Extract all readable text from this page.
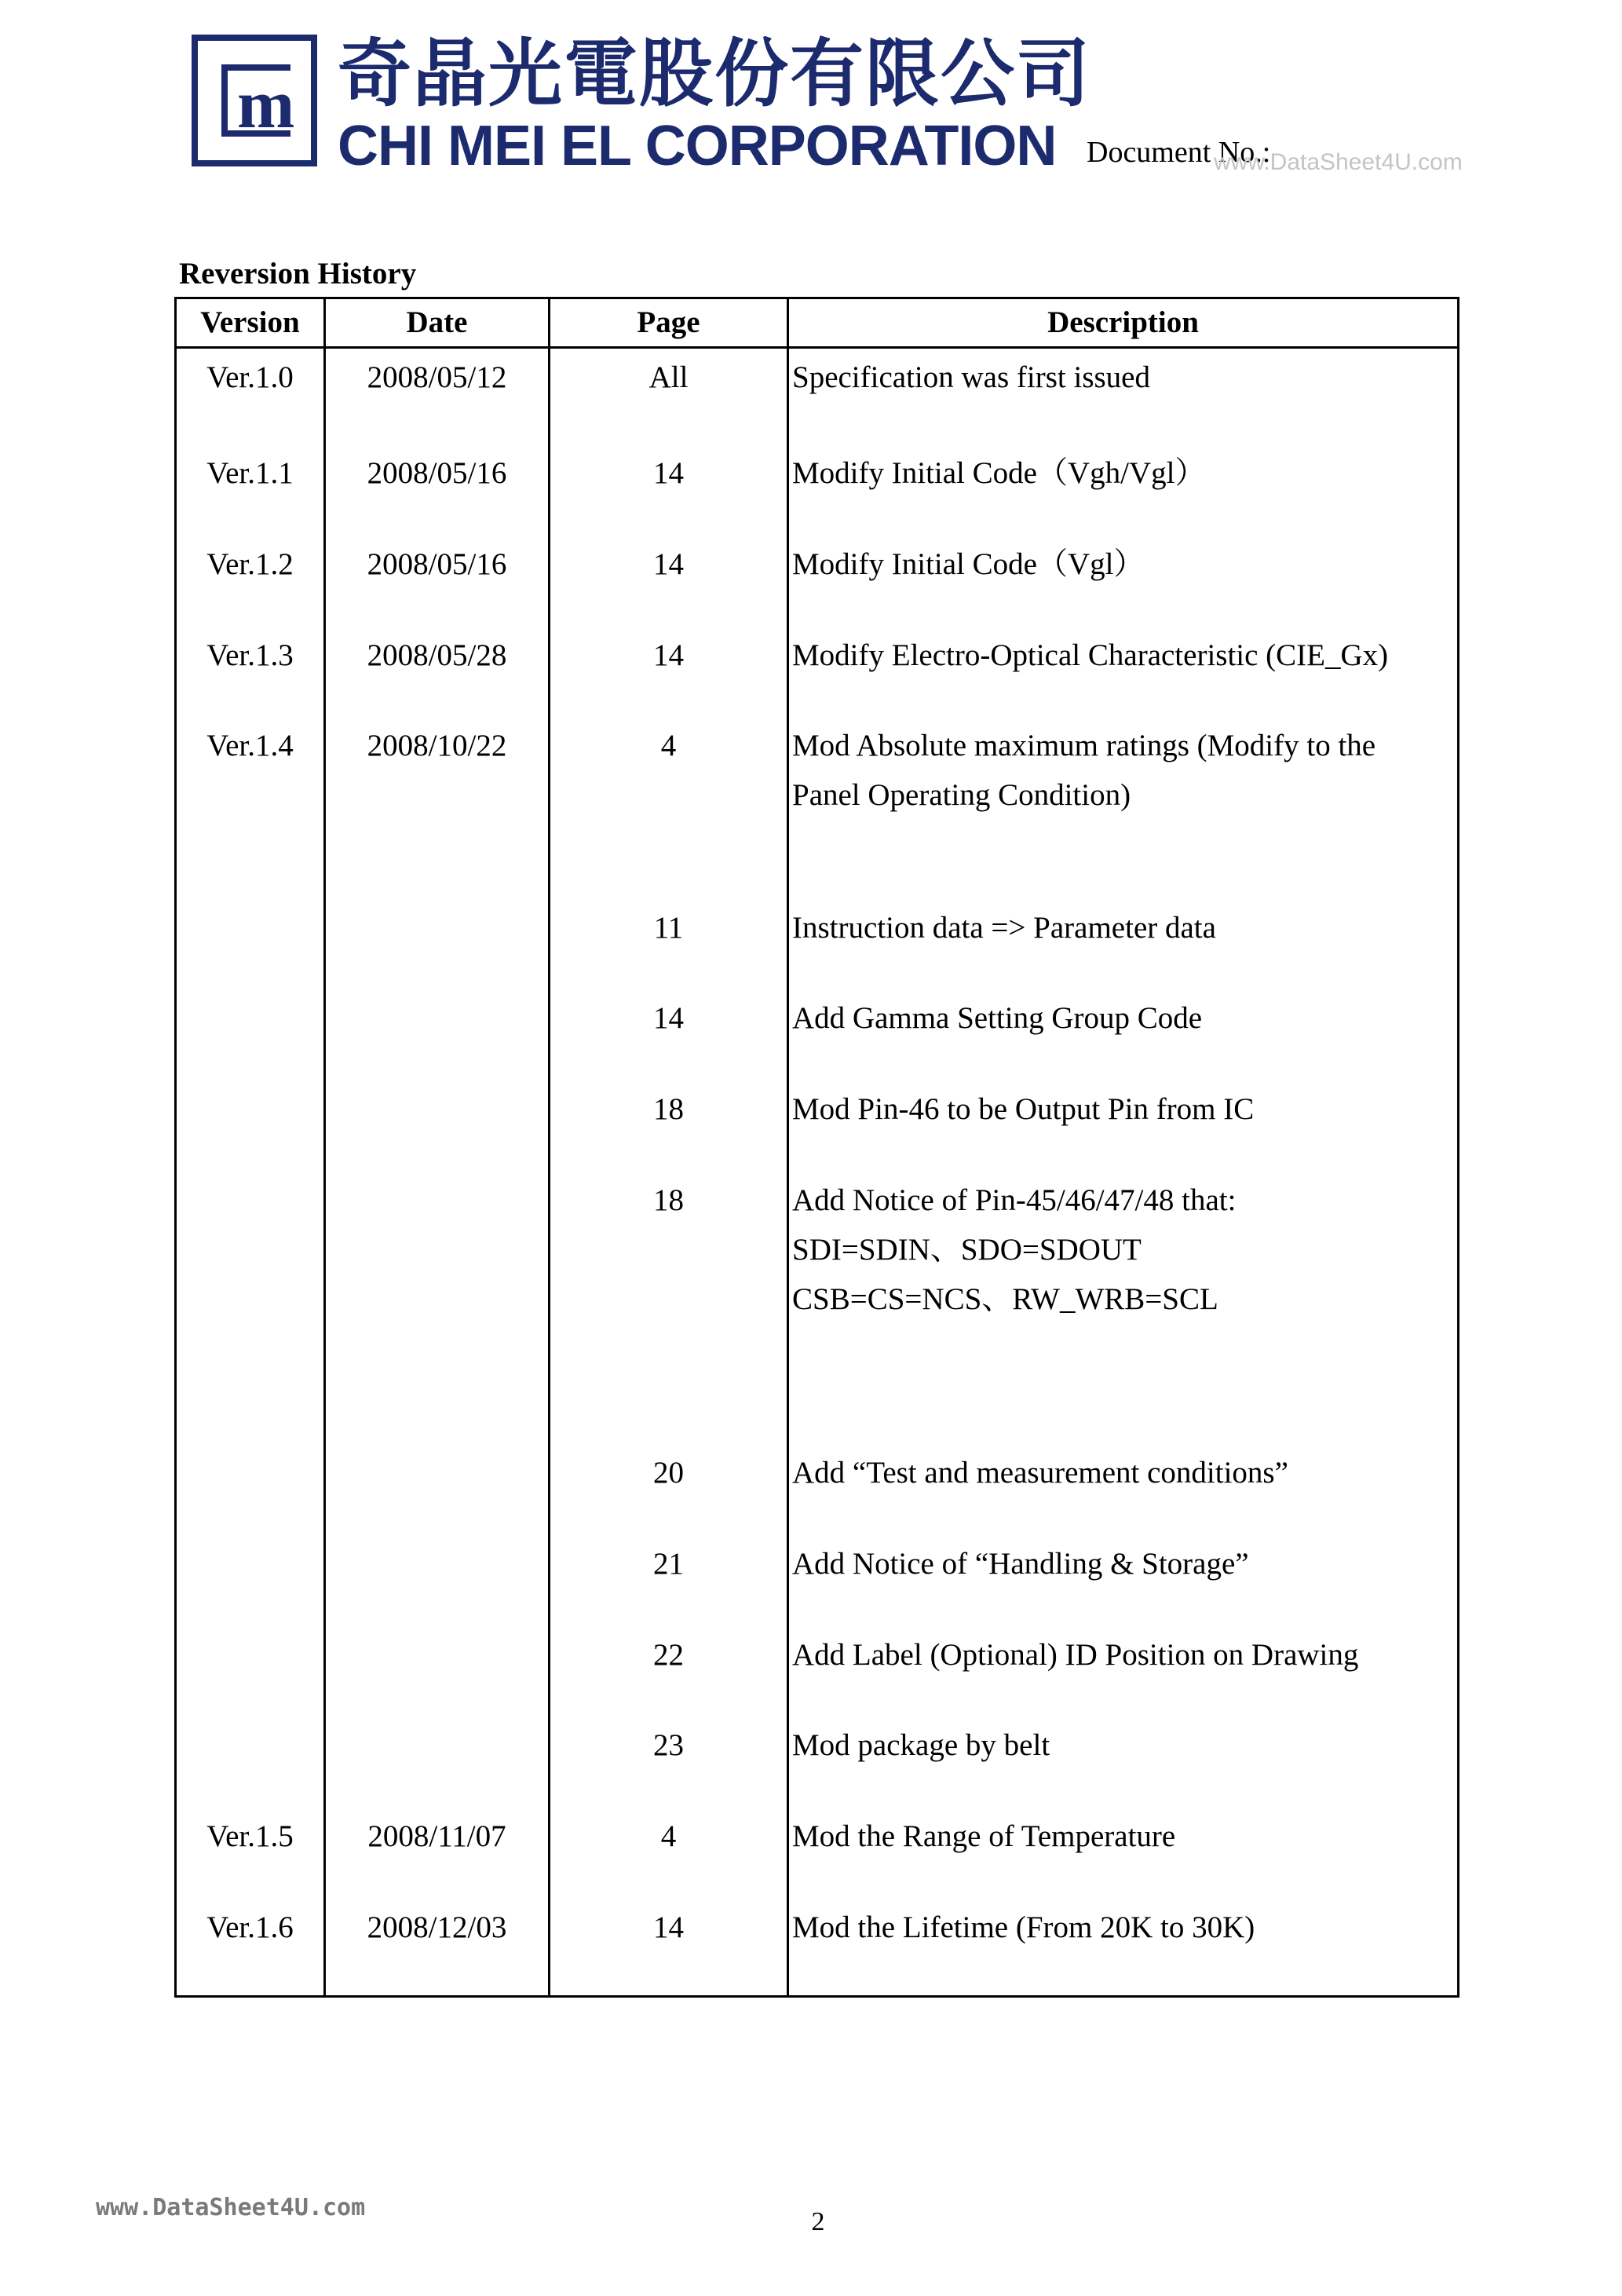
m 奇晶光電股份有限公司
CHI MEI EL CORPORATION Document No.:
www.DataSheet4U.com
Reversion History
Version	Date	Page	Description
Ver.1.0	2008/05/12	All	Specification was first issued

Ver.1.1	2008/05/16	14	Modify Initial Code（Vgh/Vgl）

Ver.1.2	2008/05/16	14	Modify Initial Code（Vgl）

Ver.1.3	2008/05/28	14	Modify Electro-Optical Characteristic (CIE_Gx)

Ver.1.4	2008/10/22	4	Mod Absolute maximum ratings (Modify to the
Panel Operating Condition)

		11	Instruction data => Parameter data

		14	Add Gamma Setting Group Code

		18	Mod Pin-46 to be Output Pin from IC

		18	Add Notice of Pin-45/46/47/48 that:
SDI=SDIN、SDO=SDOUT
CSB=CS=NCS、RW_WRB=SCL

		20	Add “Test and measurement conditions”

		21	Add Notice of “Handling & Storage”

		22	Add Label (Optional) ID Position on Drawing

		23	Mod package by belt

Ver.1.5	2008/11/07	4	Mod the Range of Temperature

Ver.1.6	2008/12/03	14	Mod the Lifetime (From 20K to 30K)

2
www.DataSheet4U.com
